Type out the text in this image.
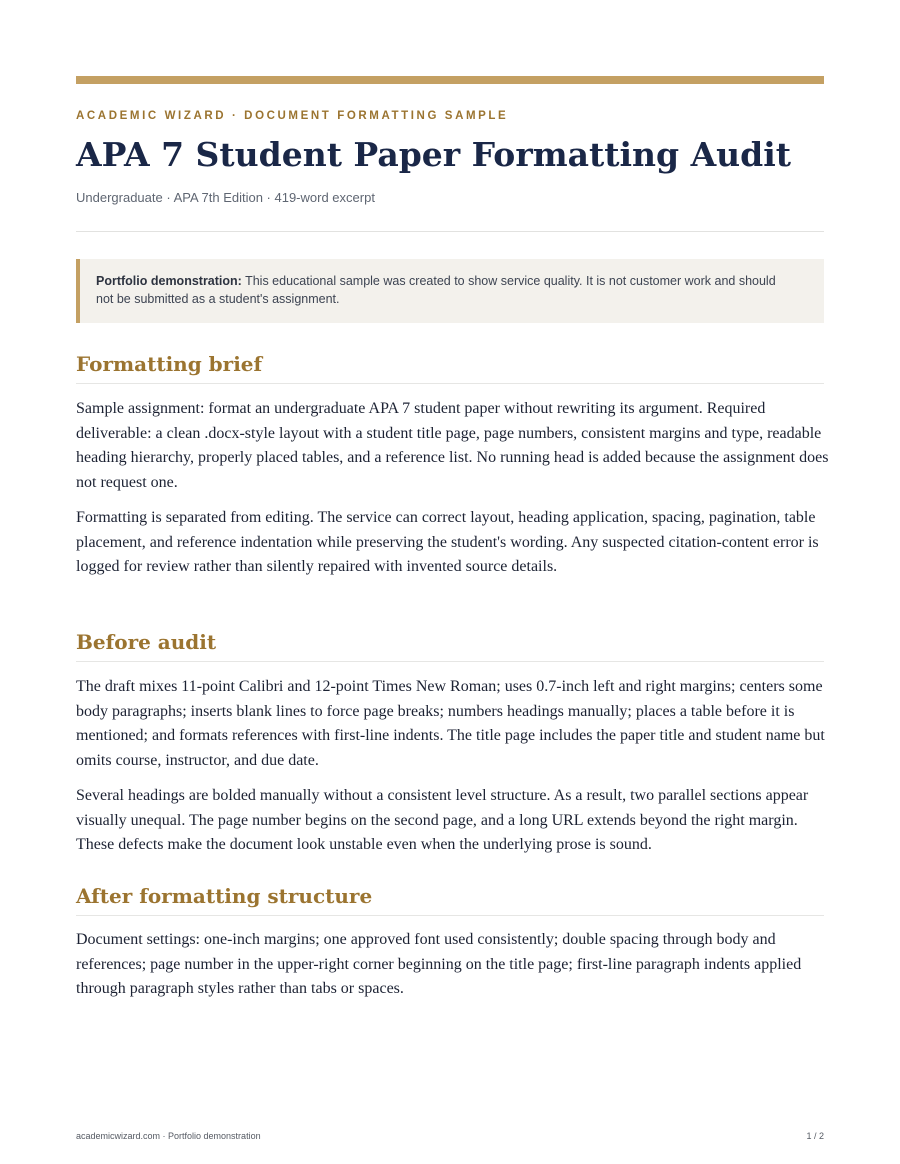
ACADEMIC WIZARD · DOCUMENT FORMATTING SAMPLE
APA 7 Student Paper Formatting Audit
Undergraduate · APA 7th Edition · 419-word excerpt
Portfolio demonstration: This educational sample was created to show service quality. It is not customer work and should not be submitted as a student's assignment.
Formatting brief

Sample assignment: format an undergraduate APA 7 student paper without rewriting its argument. Required deliverable: a clean .docx-style layout with a student title page, page numbers, consistent margins and type, readable heading hierarchy, properly placed tables, and a reference list. No running head is added because the assignment does not request one.

Formatting is separated from editing. The service can correct layout, heading application, spacing, pagination, table placement, and reference indentation while preserving the student's wording. Any suspected citation-content error is logged for review rather than silently repaired with invented source details.

Before audit

The draft mixes 11-point Calibri and 12-point Times New Roman; uses 0.7-inch left and right margins; centers some body paragraphs; inserts blank lines to force page breaks; numbers headings manually; places a table before it is mentioned; and formats references with first-line indents. The title page includes the paper title and student name but omits course, instructor, and due date.

Several headings are bolded manually without a consistent level structure. As a result, two parallel sections appear visually unequal. The page number begins on the second page, and a long URL extends beyond the right margin. These defects make the document look unstable even when the underlying prose is sound.

After formatting structure

Document settings: one-inch margins; one approved font used consistently; double spacing through body and references; page number in the upper-right corner beginning on the title page; first-line paragraph indents applied through paragraph styles rather than tabs or spaces.

academicwizard.com · Portfolio demonstration	1 / 2
